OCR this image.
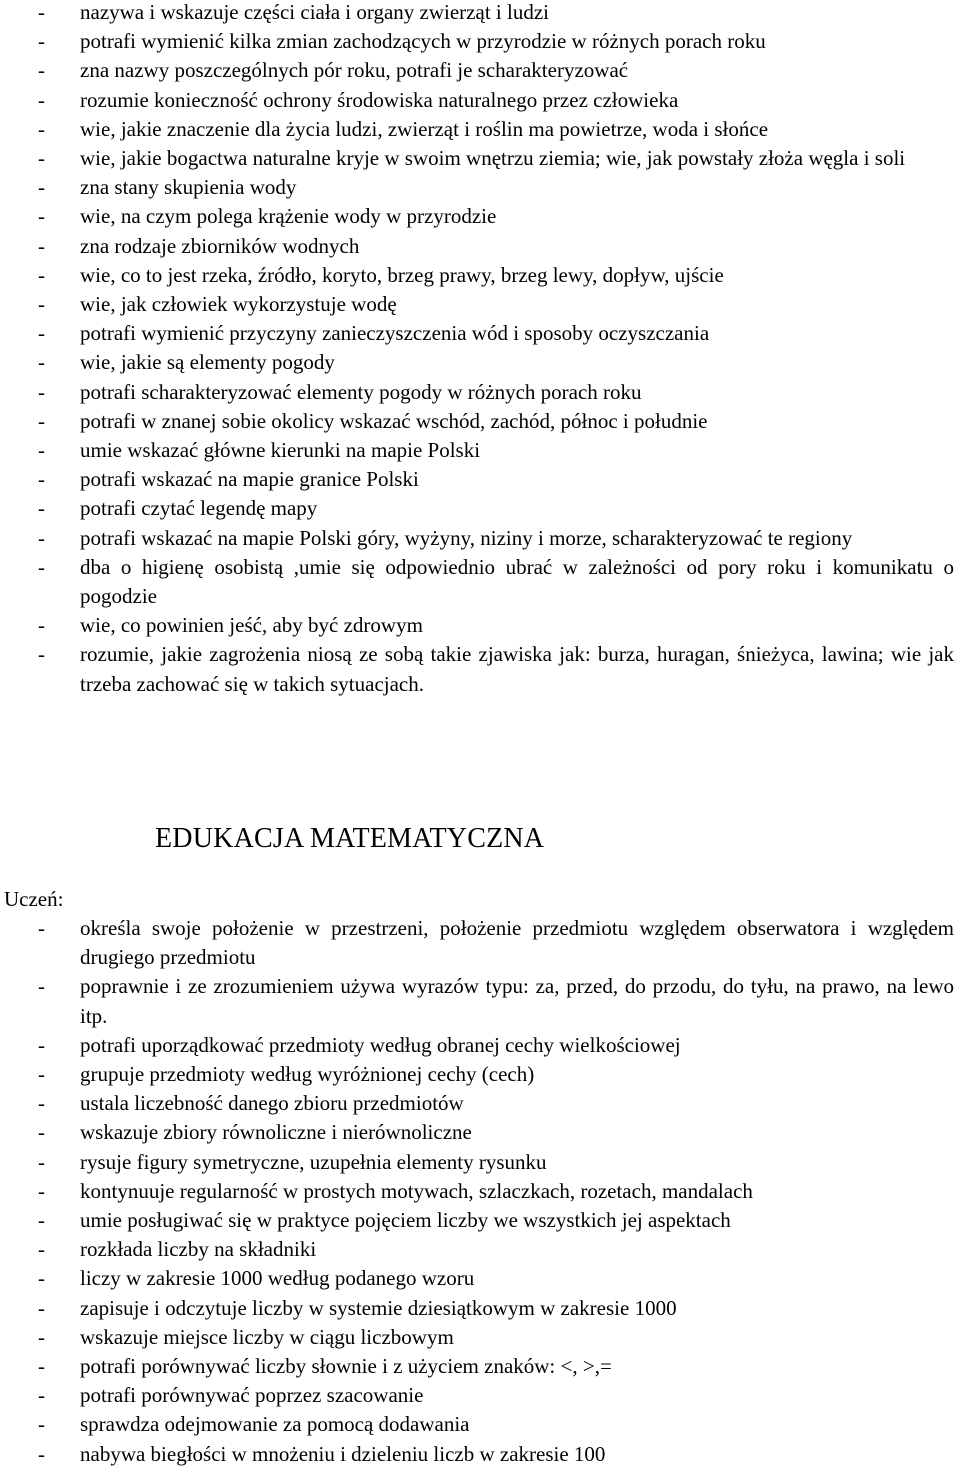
- nazywa i wskazuje części ciała i organy zwierząt i ludzi
- potrafi wymienić kilka zmian zachodzących w przyrodzie w różnych porach roku
- zna nazwy poszczególnych pór roku, potrafi je scharakteryzować
- rozumie konieczność ochrony środowiska naturalnego przez człowieka
- wie, jakie znaczenie dla życia ludzi, zwierząt i roślin ma powietrze, woda i słońce
- wie, jakie bogactwa naturalne kryje w swoim wnętrzu ziemia; wie, jak powstały złoża węgla i soli
- zna stany skupienia wody
- wie, na czym polega krążenie wody w przyrodzie
- zna rodzaje zbiorników wodnych
- wie, co to jest rzeka, źródło, koryto, brzeg prawy, brzeg lewy, dopływ, ujście
- wie, jak człowiek wykorzystuje wodę
- potrafi wymienić przyczyny zanieczyszczenia wód i sposoby oczyszczania
- wie, jakie są elementy pogody
- potrafi scharakteryzować elementy pogody w różnych porach roku
- potrafi w znanej sobie okolicy wskazać wschód, zachód, północ i południe
- umie wskazać główne kierunki na mapie Polski
- potrafi wskazać na mapie granice Polski
- potrafi czytać legendę mapy
- potrafi wskazać na mapie Polski góry, wyżyny, niziny i morze, scharakteryzować te regiony
- dba o higienę osobistą ,umie się odpowiednio ubrać w zależności od pory roku i komunikatu o pogodzie
- wie, co powinien jeść, aby być zdrowym
- rozumie, jakie zagrożenia niosą ze sobą takie zjawiska jak: burza, huragan, śnieżyca, lawina; wie jak trzeba zachować się w takich sytuacjach.
EDUKACJA MATEMATYCZNA

Uczeń:

- określa swoje położenie w przestrzeni, położenie przedmiotu względem obserwatora i względem drugiego przedmiotu
- poprawnie i ze zrozumieniem używa wyrazów typu: za, przed, do przodu, do tyłu, na prawo, na lewo itp.
- potrafi uporządkować przedmioty według obranej cechy wielkościowej
- grupuje przedmioty według wyróżnionej cechy (cech)
- ustala liczebność danego zbioru przedmiotów
- wskazuje zbiory równoliczne i nierównoliczne
- rysuje figury symetryczne, uzupełnia elementy rysunku
- kontynuuje regularność w prostych motywach, szlaczkach, rozetach, mandalach
- umie posługiwać się w praktyce pojęciem liczby we wszystkich jej aspektach
- rozkłada liczby na składniki
- liczy w zakresie 1000 według podanego wzoru
- zapisuje i odczytuje liczby w systemie dziesiątkowym w zakresie 1000
- wskazuje miejsce liczby w ciągu liczbowym
- potrafi porównywać liczby słownie i z użyciem znaków: <, >,=
- potrafi porównywać poprzez szacowanie
- sprawdza odejmowanie za pomocą dodawania
- nabywa biegłości w mnożeniu i dzieleniu liczb w zakresie 100
